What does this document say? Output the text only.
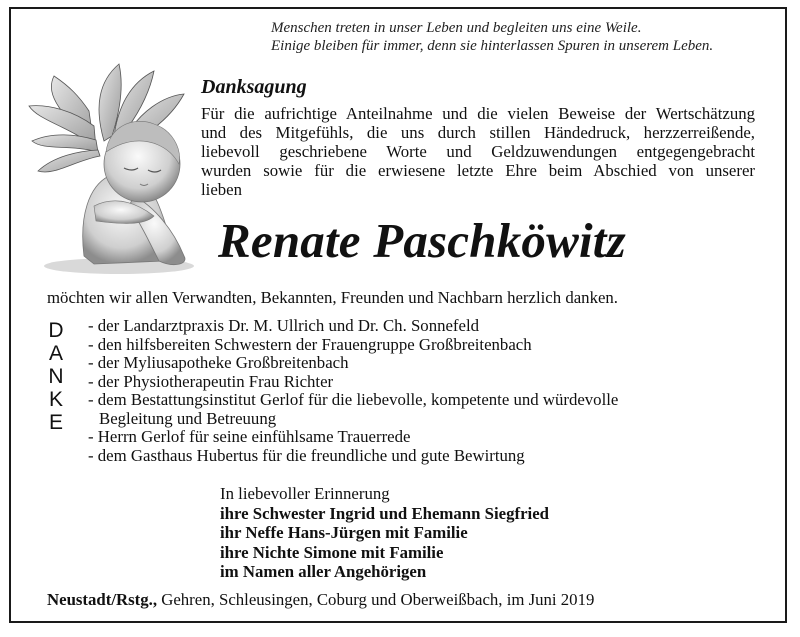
Menschen treten in unser Leben und begleiten uns eine Weile.
Einige bleiben für immer, denn sie hinterlassen Spuren in unserem Leben.
Danksagung
Für die aufrichtige Anteilnahme und die vielen Beweise der Wertschätzung
und des Mitgefühls, die uns durch stillen Händedruck, herzzerreißende,
liebevoll geschriebene Worte und Geldzuwendungen entgegengebracht
wurden sowie für die erwiesene letzte Ehre beim Abschied von unserer
lieben
Renate Paschköwitz
möchten wir allen Verwandten, Bekannten, Freunden und Nachbarn herzlich danken.
D
A
N
K
E
- der Landarztpraxis Dr. M. Ullrich und Dr. Ch. Sonnefeld
- den hilfsbereiten Schwestern der Frauengruppe Großbreitenbach
- der Myliusapotheke Großbreitenbach
- der Physiotherapeutin Frau Richter
- dem Bestattungsinstitut Gerlof für die liebevolle, kompetente und würdevolle
Begleitung und Betreuung
- Herrn Gerlof für seine einfühlsame Trauerrede
- dem Gasthaus Hubertus für die freundliche und gute Bewirtung
In liebevoller Erinnerung
ihre Schwester Ingrid und Ehemann Siegfried
ihr Neffe Hans-Jürgen mit Familie
ihre Nichte Simone mit Familie
im Namen aller Angehörigen
Neustadt/Rstg., Gehren, Schleusingen, Coburg und Oberweißbach, im Juni 2019
